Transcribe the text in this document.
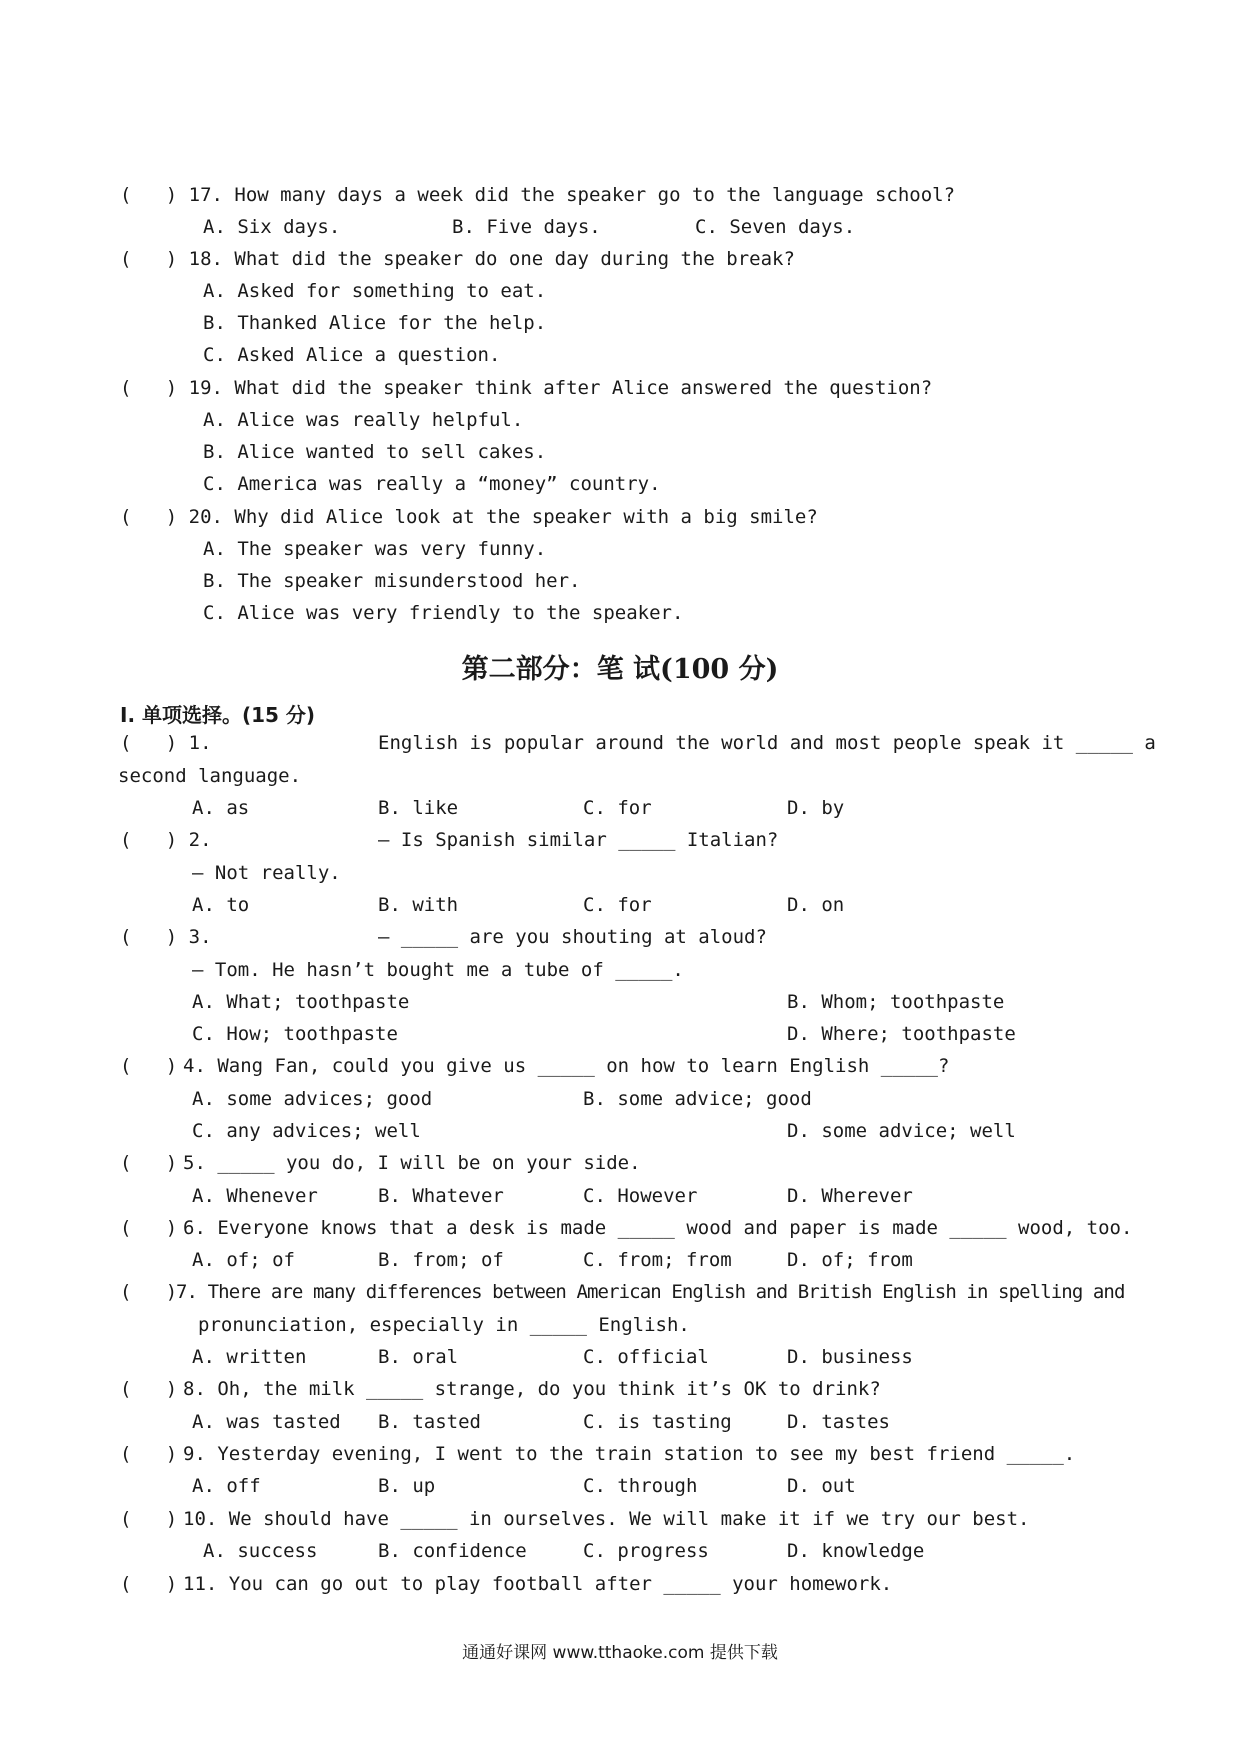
(   ) 17. How many days a week did the speaker go to the language school?
A. Six days.	B. Five days.	C. Seven days.
(   ) 18. What did the speaker do one day during the break?
A. Asked for something to eat.
B. Thanked Alice for the help.
C. Asked Alice a question.
(   ) 19. What did the speaker think after Alice answered the question?
A. Alice was really helpful.
B. Alice wanted to sell cakes.
C. America was really a “money” country.
(   ) 20. Why did Alice look at the speaker with a big smile?
A. The speaker was very funny.
B. The speaker misunderstood her.
C. Alice was very friendly to the speaker.
第二部分：笔 试(100 分)
Ⅰ. 单项选择。(15 分)
(   ) 1.	English is popular around the world and most people speak it _____ a
second language.
A. as	B. like	C. for	D. by
(   ) 2.	— Is Spanish similar _____ Italian?
— Not really.
A. to	B. with	C. for	D. on
(   ) 3.	— _____ are you shouting at aloud?
— Tom. He hasn’t bought me a tube of _____.
A. What; toothpaste	B. Whom; toothpaste
C. How; toothpaste	D. Where; toothpaste
(   ) 4. Wang Fan, could you give us _____ on how to learn English _____?
A. some advices; good	B. some advice; good
C. any advices; well	D. some advice; well
(   ) 5. _____ you do, I will be on your side.
A. Whenever	B. Whatever	C. However	D. Wherever
(   ) 6. Everyone knows that a desk is made _____ wood and paper is made _____ wood, too.
A. of; of	B. from; of	C. from; from	D. of; from
(   )
7. There are many differences between American English and British English in spelling and
pronunciation, especially in _____ English.
A. written	B. oral	C. official	D. business
(   ) 8. Oh, the milk _____ strange, do you think it’s OK to drink?
A. was tasted B. tasted	C. is tasting	D. tastes
(   ) 9. Yesterday evening, I went to the train station to see my best friend _____.
A. off	B. up	C. through	D. out
(   ) 10. We should have _____ in ourselves. We will make it if we try our best.
A. success	B. confidence	C. progress	D. knowledge
(   ) 11. You can go out to play football after _____ your homework.
通通好课网 www.tthaoke.com 提供下载
